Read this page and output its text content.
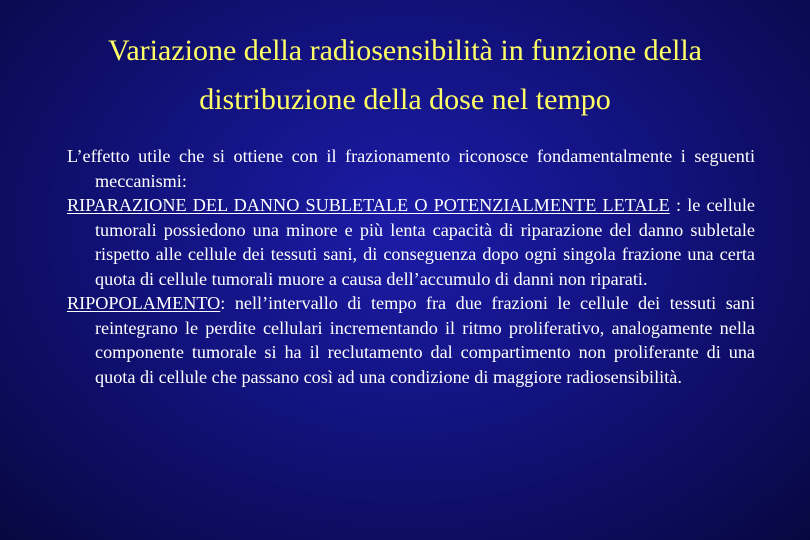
Variazione della radiosensibilità in funzione della
distribuzione della dose nel tempo

L’effetto utile che si ottiene con il frazionamento riconosce fondamentalmente i seguenti meccanismi:

RIPARAZIONE DEL DANNO SUBLETALE O POTENZIALMENTE LETALE : le cellule tumorali possiedono una minore e più lenta capacità di riparazione del danno subletale rispetto alle cellule dei tessuti sani, di conseguenza dopo ogni singola frazione una certa quota di cellule tumorali muore a causa dell’accumulo di danni non riparati.

RIPOPOLAMENTO: nell’intervallo di tempo fra due frazioni le cellule dei tessuti sani reintegrano le perdite cellulari incrementando il ritmo proliferativo, analogamente nella componente tumorale si ha il reclutamento dal compartimento non proliferante di una quota di cellule che passano così ad una condizione di maggiore radiosensibilità.
